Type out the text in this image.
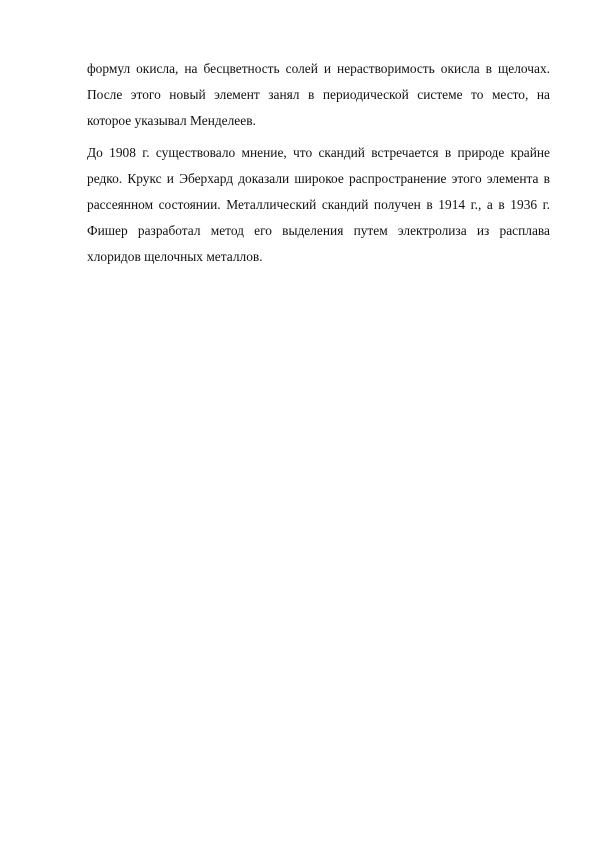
формул окисла, на бесцветность солей и нерастворимость окисла в щелочах.
После этого новый элемент занял в периодической системе то место, на
которое указывал Менделеев.

До 1908 г. существовало мнение, что скандий встречается в природе крайне
редко. Крукс и Эберхард доказали широкое распространение этого элемента в
рассеянном состоянии. Металлический скандий получен в 1914 г., а в 1936 г.
Фишер разработал метод его выделения путем электролиза из расплава
хлоридов щелочных металлов.
